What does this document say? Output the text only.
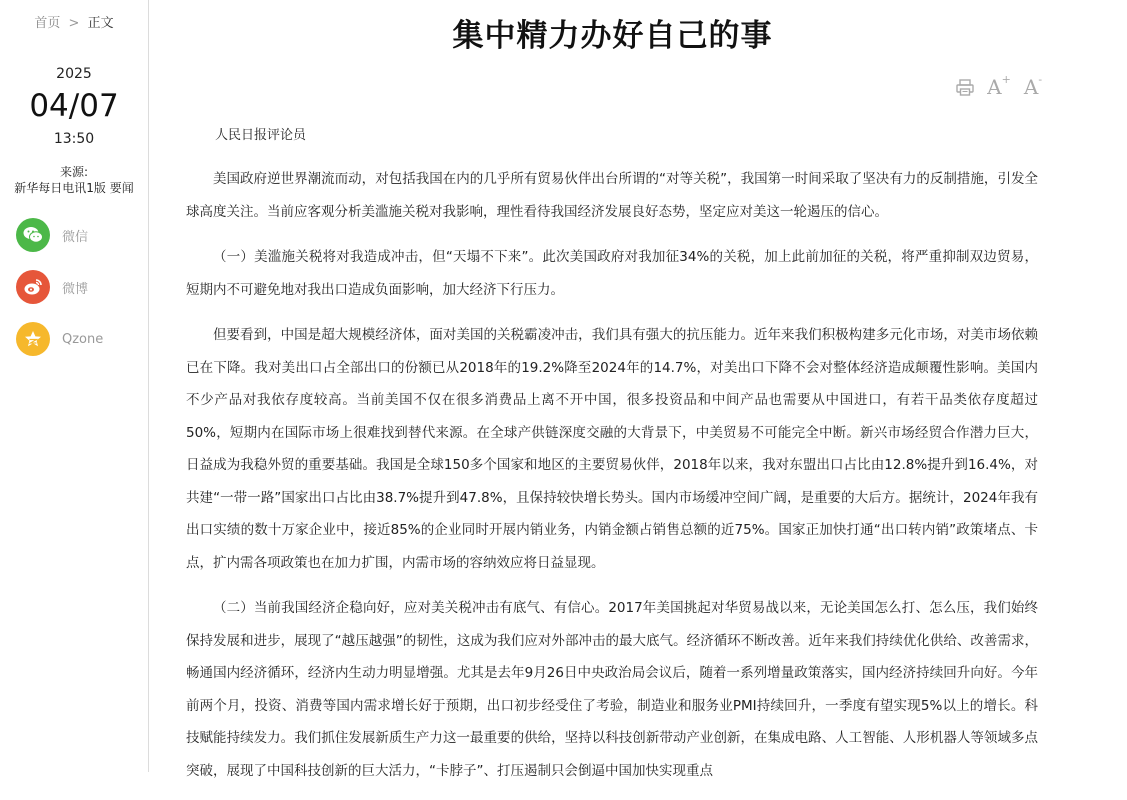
首页 > 正文
2025
04/07
13:50
来源:
新华每日电讯1版 要闻
微信
微博
Qzone
集中精力办好自己的事
A + A -
人民日报评论员

美国政府逆世界潮流而动，对包括我国在内的几乎所有贸易伙伴出台所谓的“对等关税”，我国第一时间采取了坚决有力的反制措施，引发全球高度关注。当前应客观分析美滥施关税对我影响，理性看待我国经济发展良好态势，坚定应对美这一轮遏压的信心。

（一）美滥施关税将对我造成冲击，但“天塌不下来”。此次美国政府对我加征34%的关税，加上此前加征的关税，将严重抑制双边贸易，短期内不可避免地对我出口造成负面影响，加大经济下行压力。

但要看到，中国是超大规模经济体，面对美国的关税霸凌冲击，我们具有强大的抗压能力。近年来我们积极构建多元化市场，对美市场依赖已在下降。我对美出口占全部出口的份额已从2018年的19.2%降至2024年的14.7%，对美出口下降不会对整体经济造成颠覆性影响。美国内不少产品对我依存度较高。当前美国不仅在很多消费品上离不开中国，很多投资品和中间产品也需要从中国进口，有若干品类依存度超过50%，短期内在国际市场上很难找到替代来源。在全球产供链深度交融的大背景下，中美贸易不可能完全中断。新兴市场经贸合作潜力巨大，日益成为我稳外贸的重要基础。我国是全球150多个国家和地区的主要贸易伙伴，2018年以来，我对东盟出口占比由12.8%提升到16.4%，对共建“一带一路”国家出口占比由38.7%提升到47.8%，且保持较快增长势头。国内市场缓冲空间广阔，是重要的大后方。据统计，2024年我有出口实绩的数十万家企业中，接近85%的企业同时开展内销业务，内销金额占销售总额的近75%。国家正加快打通“出口转内销”政策堵点、卡点，扩内需各项政策也在加力扩围，内需市场的容纳效应将日益显现。

（二）当前我国经济企稳向好，应对美关税冲击有底气、有信心。2017年美国挑起对华贸易战以来，无论美国怎么打、怎么压，我们始终保持发展和进步，展现了“越压越强”的韧性，这成为我们应对外部冲击的最大底气。经济循环不断改善。近年来我们持续优化供给、改善需求，畅通国内经济循环，经济内生动力明显增强。尤其是去年9月26日中央政治局会议后，随着一系列增量政策落实，国内经济持续回升向好。今年前两个月，投资、消费等国内需求增长好于预期，出口初步经受住了考验，制造业和服务业PMI持续回升，一季度有望实现5%以上的增长。科技赋能持续发力。我们抓住发展新质生产力这一最重要的供给，坚持以科技创新带动产业创新，在集成电路、人工智能、人形机器人等领域多点突破，展现了中国科技创新的巨大活力，“卡脖子”、打压遏制只会倒逼中国加快实现重点
